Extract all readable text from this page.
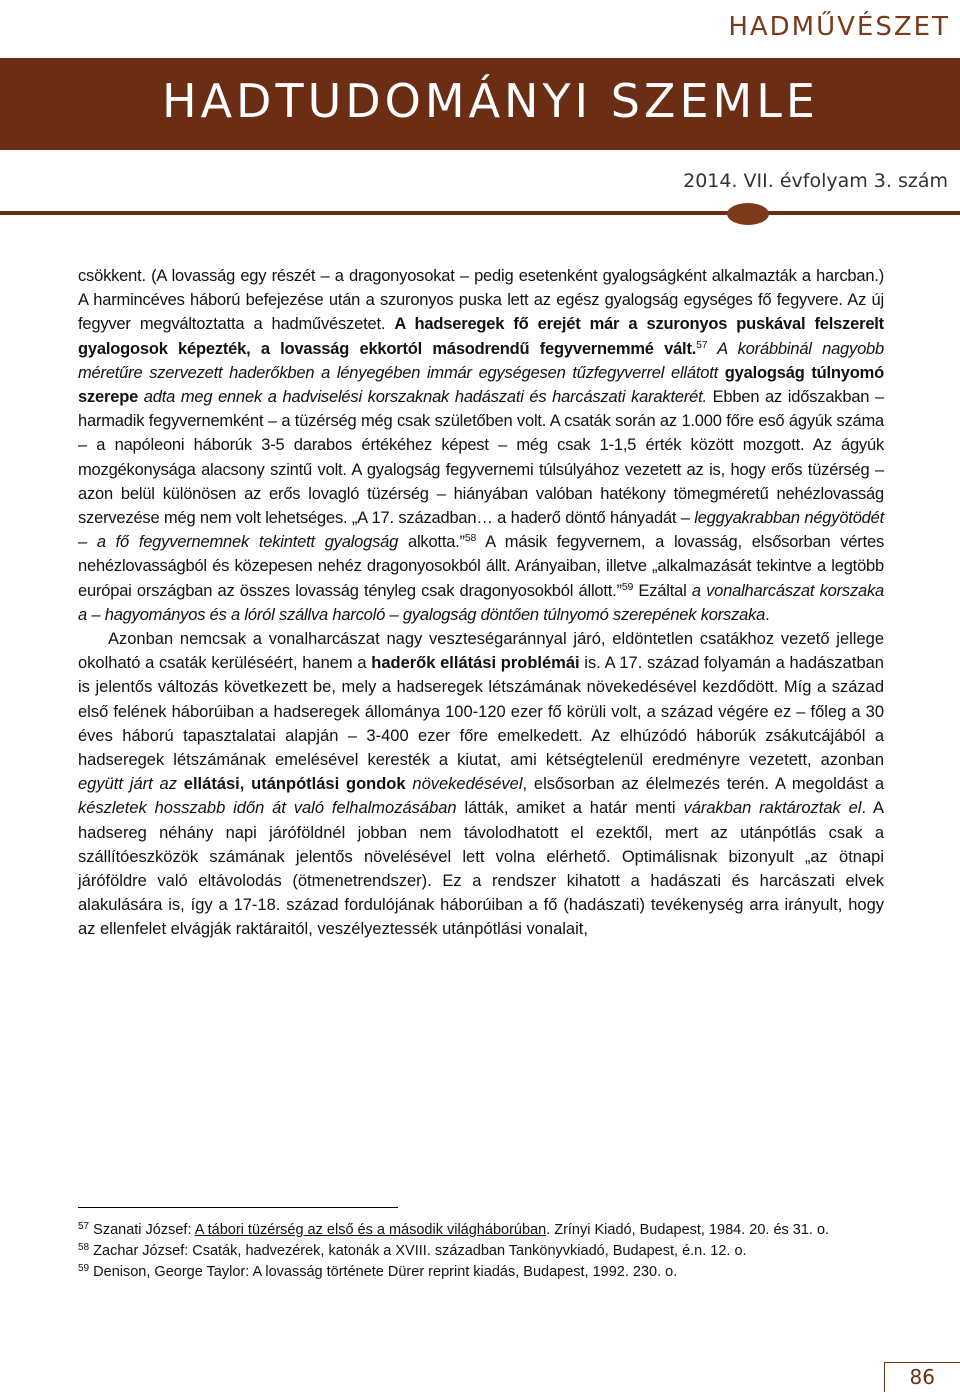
HADMŰVÉSZET
HADTUDOMÁNYI SZEMLE
2014. VII. évfolyam 3. szám

csökkent. (A lovasság egy részét – a dragonyosokat – pedig esetenként gyalogságként alkalmazták a harcban.) A harmincéves háború befejezése után a szuronyos puska lett az egész gyalogság egységes fő fegyvere. Az új fegyver megváltoztatta a hadművészetet. A hadseregek fő erejét már a szuronyos puskával felszerelt gyalogosok képezték, a lovasság ekkortól másodrendű fegyvernemmé vált.$^{57}$ A korábbinál nagyobb méretűre szervezett haderőkben a lényegében immár egységesen tűzfegyverrel ellátott gyalogság túlnyomó szerepe adta meg ennek a hadviselési korszaknak hadászati és harcászati karakterét. Ebben az időszakban – harmadik fegyvernemként – a tüzérség még csak születőben volt. A csaták során az 1.000 főre eső ágyúk száma – a napóleoni háborúk 3-5 darabos értékéhez képest – még csak 1-1,5 érték között mozgott. Az ágyúk mozgékonysága alacsony szintű volt. A gyalogság fegyvernemi túlsúlyához vezetett az is, hogy erős tüzérség – azon belül különösen az erős lovagló tüzérség – hiányában valóban hatékony tömegméretű nehézlovasság szervezése még nem volt lehetséges. „A 17. században… a haderő döntő hányadát – leggyakrabban négyötödét – a fő fegyvernemnek tekintett gyalogság alkotta.”$^{58}$ A másik fegyvernem, a lovasság, elsősorban vértes nehézlovasságból és közepesen nehéz dragonyosokból állt. Arányaiban, illetve „alkalmazását tekintve a legtöbb európai országban az összes lovasság tényleg csak dragonyosokból állott.”$^{59}$ Ezáltal a vonalharcászat korszaka a – hagyományos és a lóról szállva harcoló – gyalogság döntően túlnyomó szerepének korszaka.

Azonban nemcsak a vonalharcászat nagy veszteségaránnyal járó, eldöntetlen csatákhoz vezető jellege okolható a csaták kerüléséért, hanem a haderők ellátási problémái is. A 17. század folyamán a hadászatban is jelentős változás következett be, mely a hadseregek létszámának növekedésével kezdődött. Míg a század első felének háborúiban a hadseregek állománya 100-120 ezer fő körüli volt, a század végére ez – főleg a 30 éves háború tapasztalatai alapján – 3-400 ezer főre emelkedett. Az elhúzódó háborúk zsákutcájából a hadseregek létszámának emelésével keresték a kiutat, ami kétségtelenül eredményre vezetett, azonban együtt járt az ellátási, utánpótlási gondok növekedésével, elsősorban az élelmezés terén. A megoldást a készletek hosszabb időn át való felhalmozásában látták, amiket a határ menti várakban raktároztak el. A hadsereg néhány napi járóföldnél jobban nem távolodhatott el ezektől, mert az utánpótlás csak a szállítóeszközök számának jelentős növelésével lett volna elérhető. Optimálisnak bizonyult „az ötnapi járóföldre való eltávolodás (ötmenetrendszer). Ez a rendszer kihatott a hadászati és harcászati elvek alakulására is, így a 17-18. század fordulójának háborúiban a fő (hadászati) tevékenység arra irányult, hogy az ellenfelet elvágják raktáraitól, veszélyeztessék utánpótlási vonalait,

$^{57}$ Szanati József: A tábori tüzérség az első és a második világháborúban. Zrínyi Kiadó, Budapest, 1984. 20. és 31. o.

$^{58}$ Zachar József: Csaták, hadvezérek, katonák a XVIII. században Tankönyvkiadó, Budapest, é.n. 12. o.

$^{59}$ Denison, George Taylor: A lovasság története Dürer reprint kiadás, Budapest, 1992. 230. o.

86
